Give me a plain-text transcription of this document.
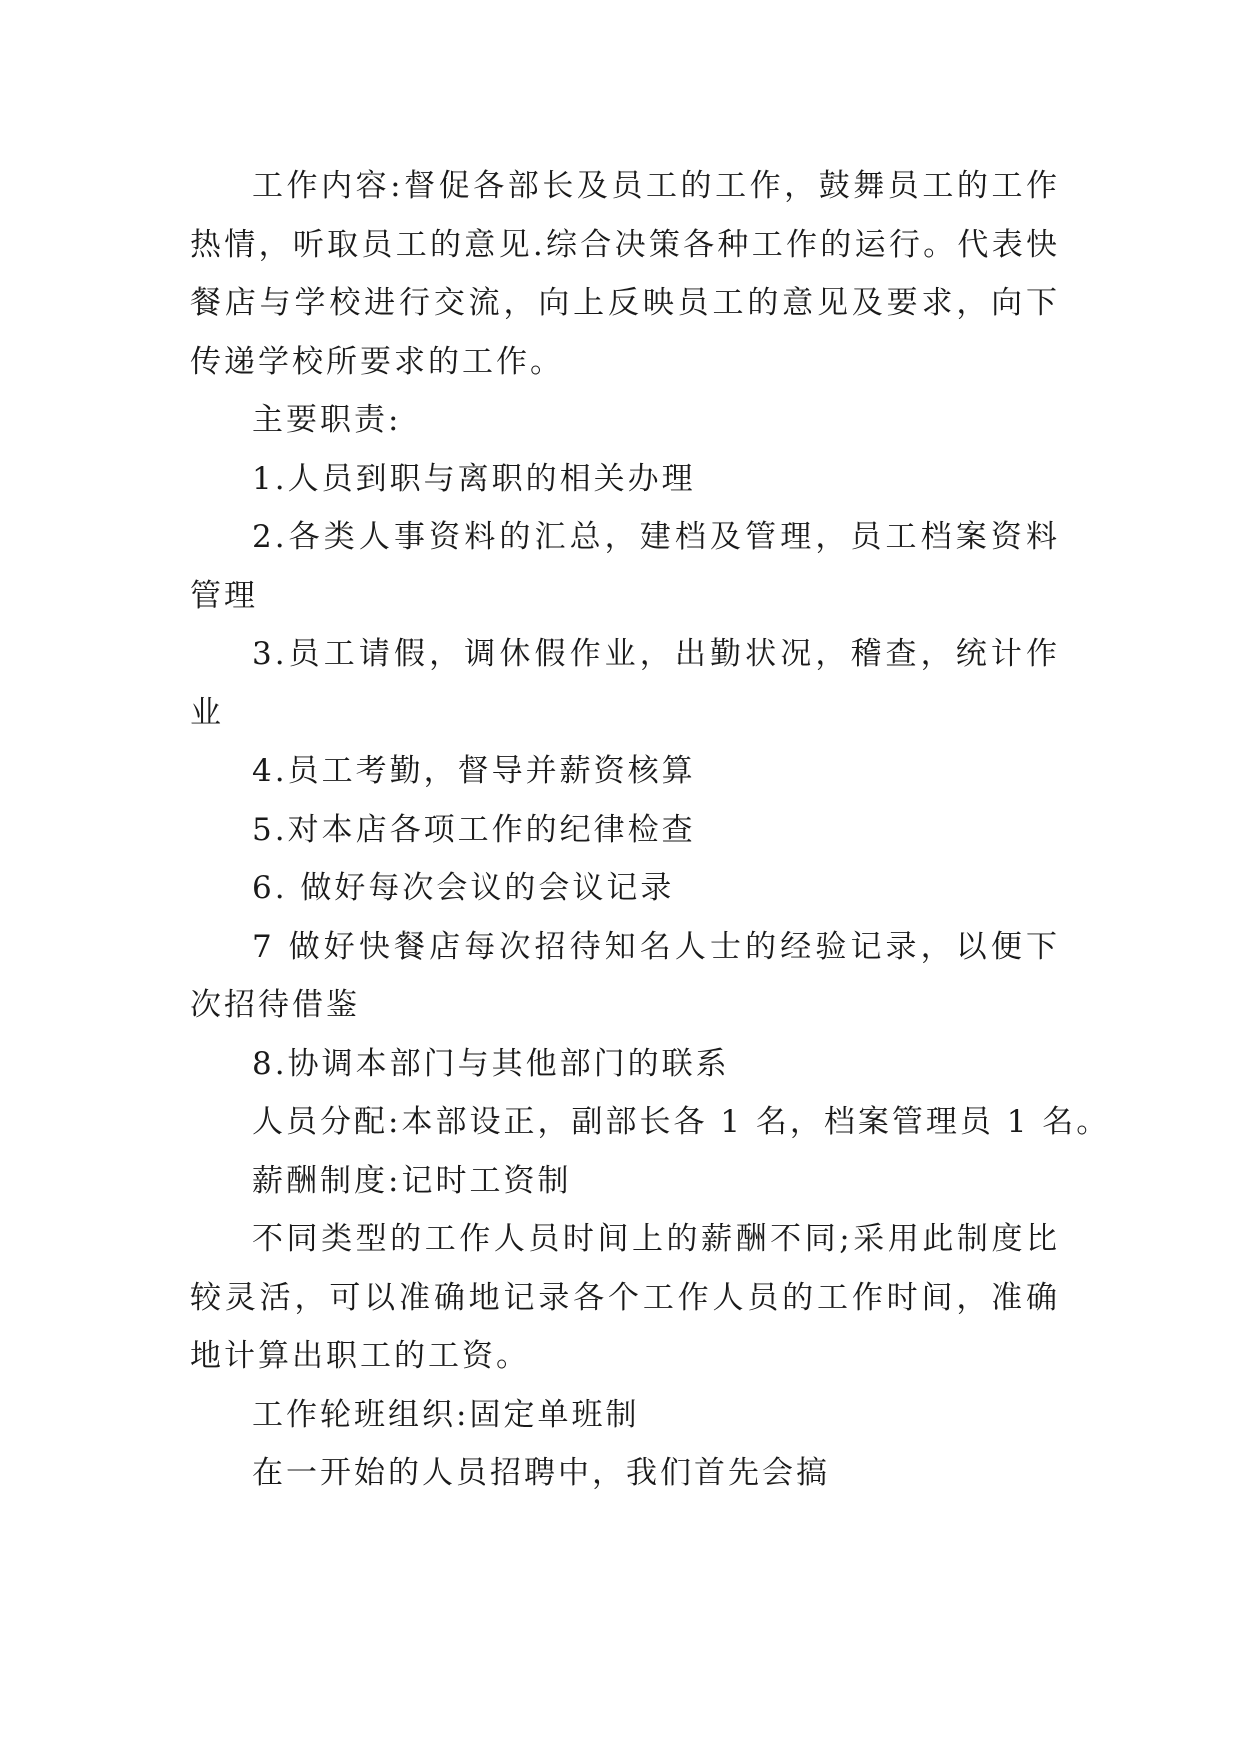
工作内容:督促各部长及员工的工作，鼓舞员工的工作热情，听取员工的意见.综合决策各种工作的运行。代表快餐店与学校进行交流，向上反映员工的意见及要求，向下传递学校所要求的工作。

主要职责:

1.人员到职与离职的相关办理

2.各类人事资料的汇总，建档及管理，员工档案资料管理

3.员工请假，调休假作业，出勤状况，稽查，统计作业

4.员工考勤，督导并薪资核算

5.对本店各项工作的纪律检查

6. 做好每次会议的会议记录

7 做好快餐店每次招待知名人士的经验记录，以便下次招待借鉴

8.协调本部门与其他部门的联系

人员分配:本部设正，副部长各 1 名，档案管理员 1 名。

薪酬制度:记时工资制

不同类型的工作人员时间上的薪酬不同;采用此制度比较灵活，可以准确地记录各个工作人员的工作时间，准确地计算出职工的工资。

工作轮班组织:固定单班制

在一开始的人员招聘中，我们首先会搞
